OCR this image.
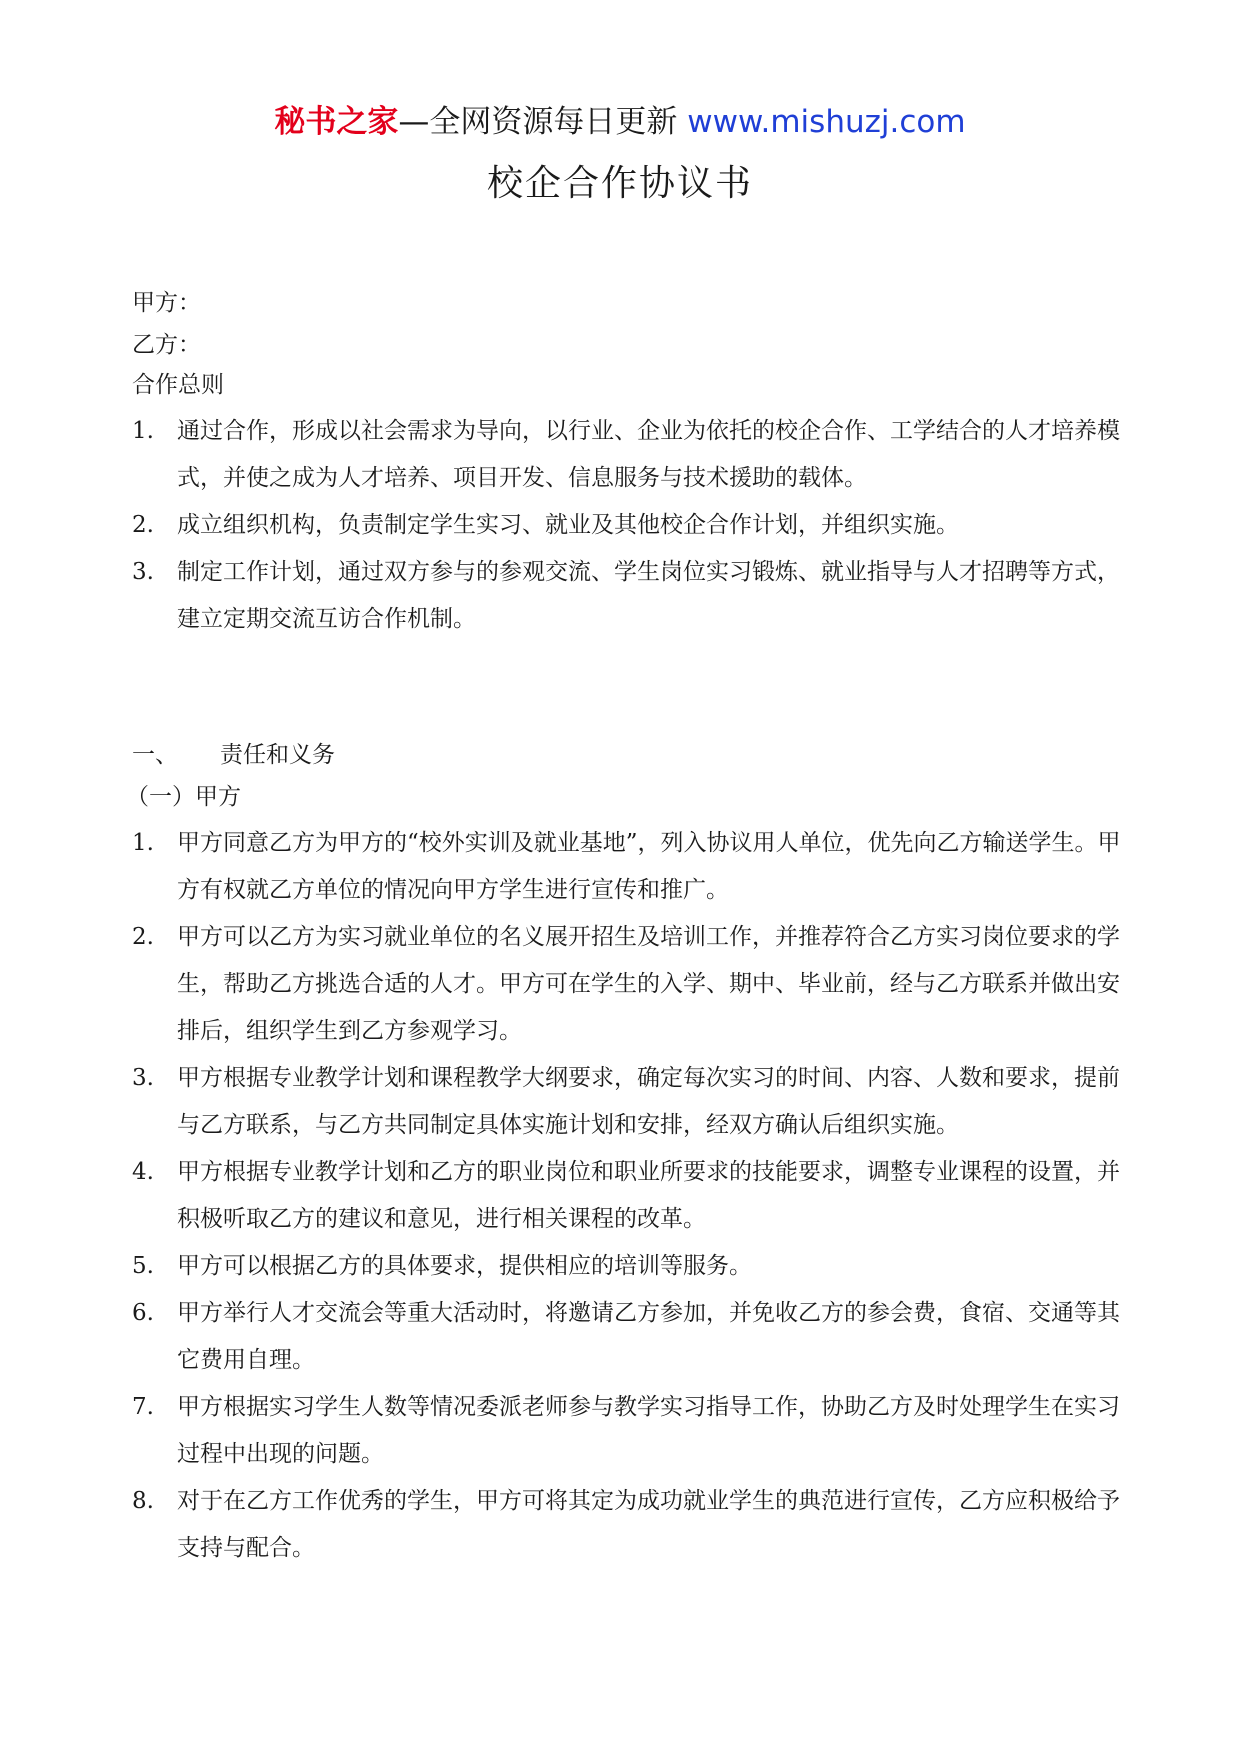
秘书之家—全网资源每日更新 www.mishuzj.com
校企合作协议书
甲方：
乙方：
合作总则
1.	通过合作，形成以社会需求为导向，以行业、企业为依托的校企合作、工学结合的人才培养模式，并使之成为人才培养、项目开发、信息服务与技术援助的载体。
2.	成立组织机构，负责制定学生实习、就业及其他校企合作计划，并组织实施。
3.	制定工作计划，通过双方参与的参观交流、学生岗位实习锻炼、就业指导与人才招聘等方式，建立定期交流互访合作机制。
一、 责任和义务
（一）甲方
1.	甲方同意乙方为甲方的“校外实训及就业基地”，列入协议用人单位，优先向乙方输送学生。甲方有权就乙方单位的情况向甲方学生进行宣传和推广。
2.	甲方可以乙方为实习就业单位的名义展开招生及培训工作，并推荐符合乙方实习岗位要求的学生，帮助乙方挑选合适的人才。甲方可在学生的入学、期中、毕业前，经与乙方联系并做出安排后，组织学生到乙方参观学习。
3.	甲方根据专业教学计划和课程教学大纲要求，确定每次实习的时间、内容、人数和要求，提前与乙方联系，与乙方共同制定具体实施计划和安排，经双方确认后组织实施。
4.	甲方根据专业教学计划和乙方的职业岗位和职业所要求的技能要求，调整专业课程的设置，并积极听取乙方的建议和意见，进行相关课程的改革。
5.	甲方可以根据乙方的具体要求，提供相应的培训等服务。
6.	甲方举行人才交流会等重大活动时，将邀请乙方参加，并免收乙方的参会费，食宿、交通等其它费用自理。
7.	甲方根据实习学生人数等情况委派老师参与教学实习指导工作，协助乙方及时处理学生在实习过程中出现的问题。
8.	对于在乙方工作优秀的学生，甲方可将其定为成功就业学生的典范进行宣传，乙方应积极给予支持与配合。
